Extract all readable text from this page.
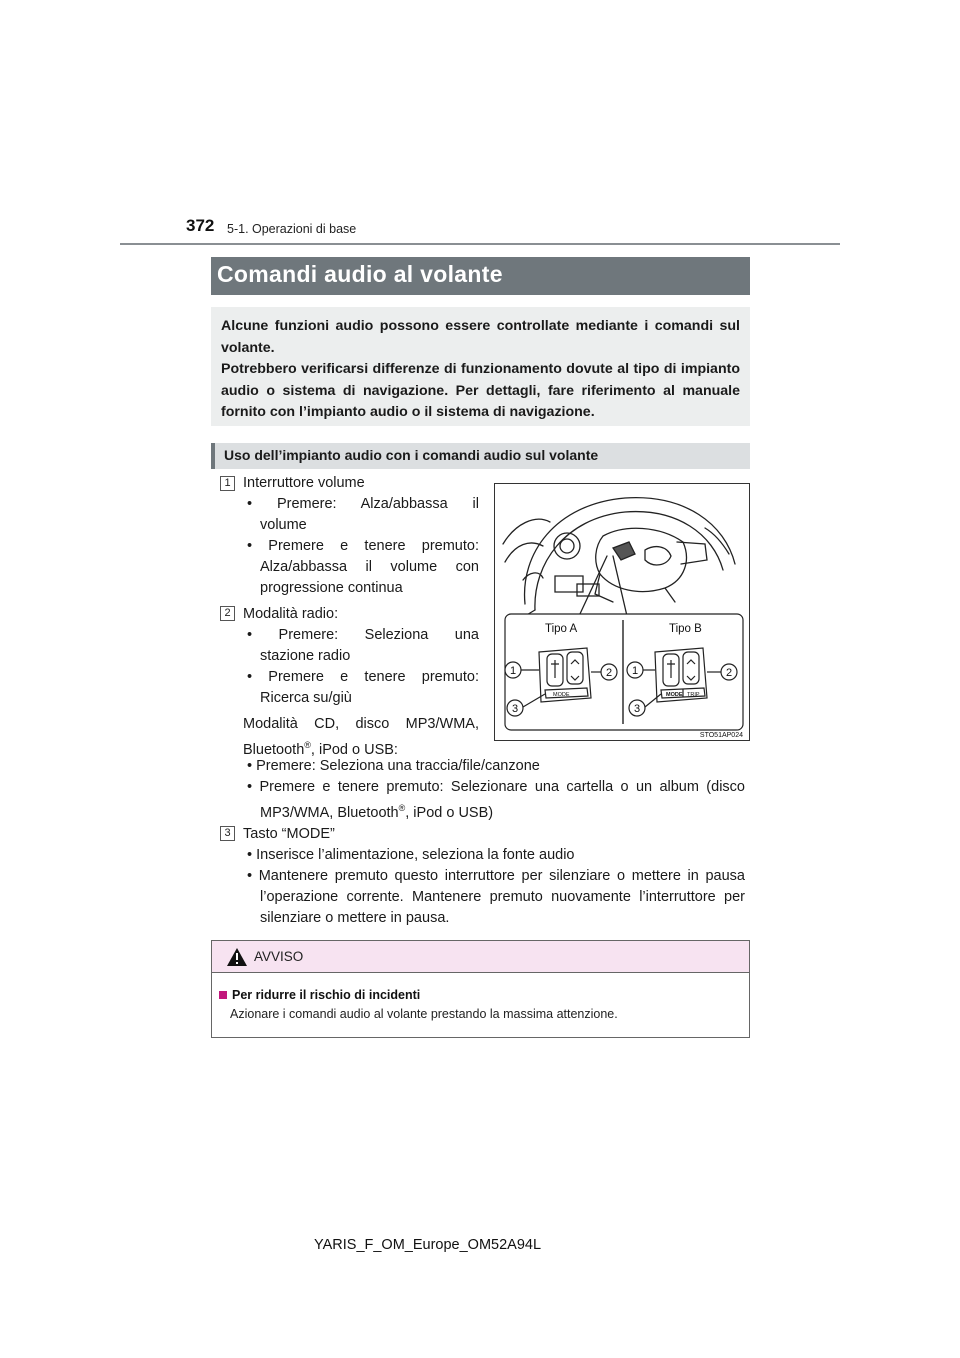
372 5-1. Operazioni di base
Comandi audio al volante

Alcune funzioni audio possono essere controllate mediante i comandi sul volante.

Potrebbero verificarsi differenze di funzionamento dovute al tipo di impianto audio o sistema di navigazione. Per dettagli, fare riferimento al manuale fornito con l’impianto audio o il sistema di navigazione.

Uso dell’impianto audio con i comandi audio sul volante
1 Interruttore volume
• Premere: Alza/abbassa il
volume
• Premere e tenere premuto:
Alza/abbassa il volume con
progressione continua
2 Modalità radio:
• Premere: Seleziona una
stazione radio
• Premere e tenere premuto:
Ricerca su/giù
Modalità CD, disco MP3/WMA,
Bluetooth®, iPod o USB:
• Premere: Seleziona una traccia/file/canzone
• Premere e tenere premuto: Selezionare una cartella o un album (disco
MP3/WMA, Bluetooth®, iPod o USB)
3 Tasto “MODE”
• Inserisce l’alimentazione, seleziona la fonte audio
• Mantenere premuto questo interruttore per silenziare o mettere in pausa
l’operazione corrente. Mantenere premuto nuovamente l’interruttore per
silenziare o mettere in pausa.
1	2
3
1	2
3
Tipo A	Tipo B
MODE	MODE TRIP
STO51AP024
AVVISO
Per ridurre il rischio di incidenti
Azionare i comandi audio al volante prestando la massima attenzione.
YARIS_F_OM_Europe_OM52A94L
